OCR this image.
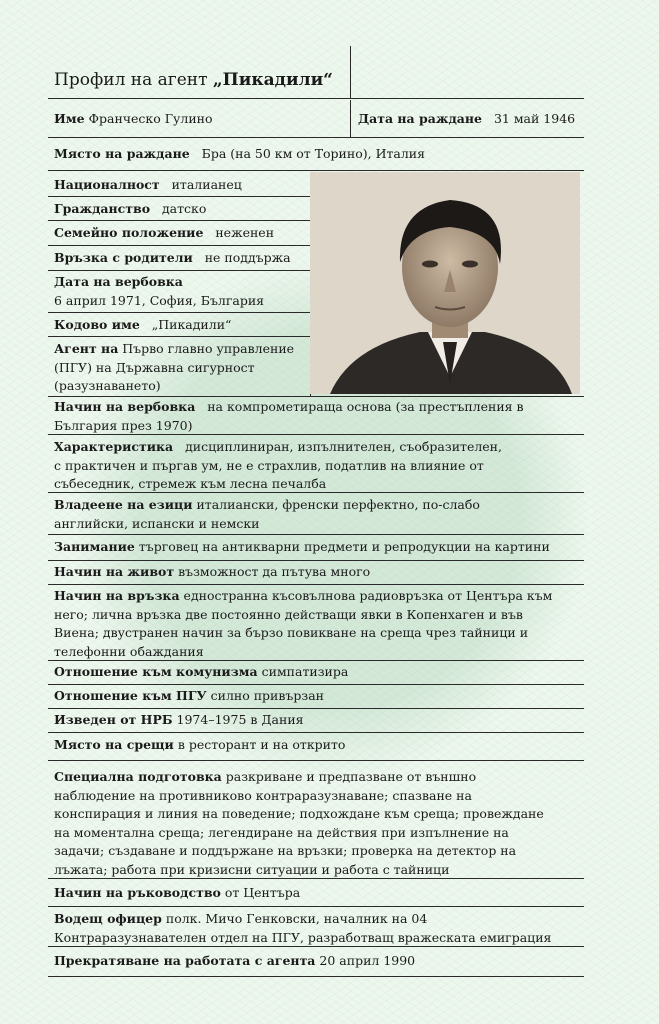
Профил на агент „Пикадили“
Име Франческо Гулино	Дата на раждане 31 май 1946
Място на раждане Бра (на 50 км от Торино), Италия
Националност италианец
Гражданство датско
Семейно положение неженен
Връзка с родители не поддържа
Дата на вербовка
6 април 1971, София, България
Кодово име „Пикадили“
Агент на Първо главно управление
(ПГУ) на Държавна сигурност
(разузнаването)
Начин на вербовка на компрометираща основа (за престъпления в
България през 1970)
Характеристика дисциплиниран, изпълнителен, съобразителен,
с практичен и пъргав ум, не е страхлив, податлив на влияние от
събеседник, стремеж към лесна печалба
Владеене на езици италиански, френски перфектно, по-слабо
английски, испански и немски
Занимание търговец на антикварни предмети и репродукции на картини
Начин на живот възможност да пътува много
Начин на връзка едностранна късовълнова радиовръзка от Центъра към
него; лична връзка две постоянно действащи явки в Копенхаген и във
Виена; двустранен начин за бързо повикване на среща чрез тайници и
телефонни обаждания
Отношение към комунизма симпатизира
Отношение към ПГУ силно привързан
Изведен от НРБ 1974–1975 в Дания
Място на срещи в ресторант и на открито
Специална подготовка разкриване и предпазване от външно
наблюдение на противниково контраразузнаване; спазване на
конспирация и линия на поведение; подхождане към среща; провеждане
на моментална среща; легендиране на действия при изпълнение на
задачи; създаване и поддържане на връзки; проверка на детектор на
лъжата; работа при кризисни ситуации и работа с тайници
Начин на ръководство от Центъра
Водещ офицер полк. Мичо Генковски, началник на 04
Контраразузнавателен отдел на ПГУ, разработващ вражеската емиграция
Прекратяване на работата с агента 20 април 1990
